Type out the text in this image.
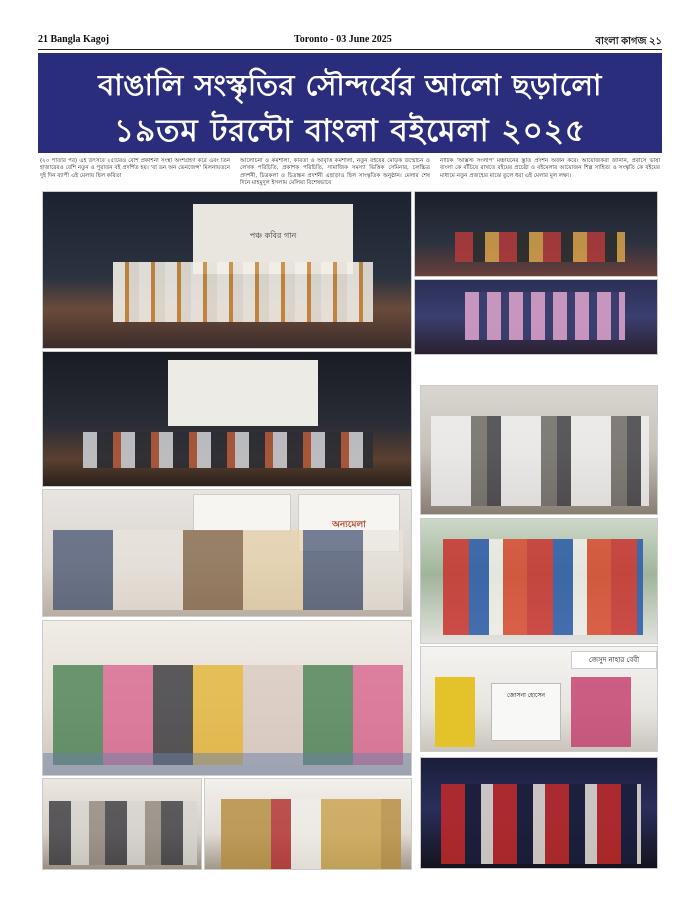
21 Bangla Kagoj	Toronto - 03 June 2025	বাংলা কাগজ ২১
বাঙালি সংস্কৃতির সৌন্দর্যের আলো ছড়ালো
১৯তম টরন্টো বাংলা বইমেলা ২০২৫
(২০ পাতার পর) এই উৎসবে ২৫টিরও বেশি প্রকাশনা সংস্থা অংশগ্রহণ করে এবং তিন হাজারেরও বেশি নতুন ও পুরাতন বই প্রদর্শিত হয়। 'বা ডন অন ভেনজেন্স' মিলনায়তনে দুই দিন ব্যাপী এই মেলায় ছিল কবিতা
আলোচনা ও কর্মশালা, কবিতা ও আবৃত্তি কর্মশালা, নতুন বইয়ের মোড়ক উন্মোচন ও লেখক পরিচিতি, প্রকাশক পরিচিতি, সামাজিক সমস্যা ভিত্তিক সেমিনার, চলচ্চিত্র প্রদর্শনী, চিত্রকলা ও চিত্রাঙ্কন প্রদর্শনী এছাড়াও ছিল সাংস্কৃতিক অনুষ্ঠান। মেলার শেষ দিনে মাহমুদুল ইসলাম মেলিয়া বিশেষভাবে
নাটিক 'অক্সিস্ট সংলাপ' মঞ্চায়নের স্তুতি প্রদর্শন অর্জন করে। আয়োজকরা জানান, প্রবাসে ভাষা বাংলা কে বাঁচিয়ে রাখতে বইয়ের প্রচেষ্টা ও বইমেলার আয়োজন শিল্প সাহিত্য ও সংস্কৃতি কে বইয়ের মাধ্যমে নতুন প্রজন্মের মাঝে তুলে ধরা এই মেলার মূল লক্ষ্য।
পঞ্চ কবির গান
অন্যমেলা
জেসুদ নাহার বেবী
জোসনা হোসেন
